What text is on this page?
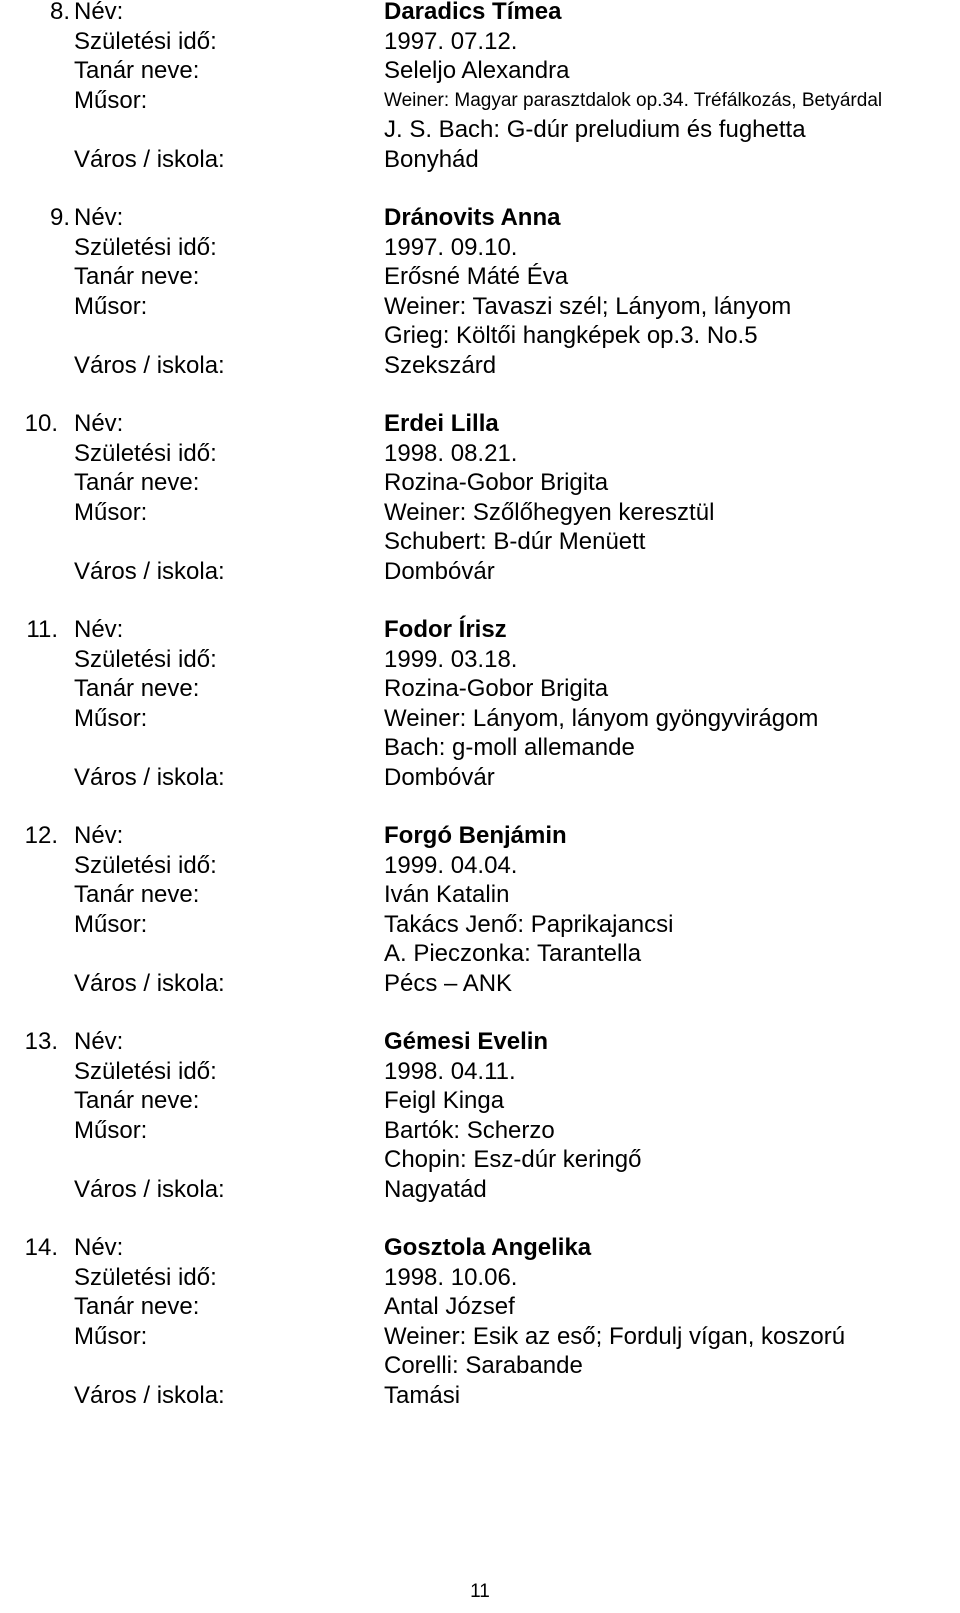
8. Név:	Daradics Tímea
Születési idő:	1997. 07.12.
Tanár neve:	Seleljo Alexandra
Műsor:	Weiner: Magyar parasztdalok op.34. Tréfálkozás, Betyárdal
J. S. Bach: G-dúr preludium és fughetta
Város / iskola:	Bonyhád
9. Név:	Dránovits Anna
Születési idő:	1997. 09.10.
Tanár neve:	Erősné Máté Éva
Műsor:	Weiner: Tavaszi szél; Lányom, lányom
Grieg: Költői hangképek op.3. No.5
Város / iskola:	Szekszárd
10. Név:	Erdei Lilla
Születési idő:	1998. 08.21.
Tanár neve:	Rozina-Gobor Brigita
Műsor:	Weiner: Szőlőhegyen keresztül
Schubert: B-dúr Menüett
Város / iskola:	Dombóvár
11. Név:	Fodor Írisz
Születési idő:	1999. 03.18.
Tanár neve:	Rozina-Gobor Brigita
Műsor:	Weiner: Lányom, lányom gyöngyvirágom
Bach: g-moll allemande
Város / iskola:	Dombóvár
12. Név:	Forgó Benjámin
Születési idő:	1999. 04.04.
Tanár neve:	Iván Katalin
Műsor:	Takács Jenő: Paprikajancsi
A. Pieczonka: Tarantella
Város / iskola:	Pécs – ANK
13. Név:	Gémesi Evelin
Születési idő:	1998. 04.11.
Tanár neve:	Feigl Kinga
Műsor:	Bartók: Scherzo
Chopin: Esz-dúr keringő
Város / iskola:	Nagyatád
14. Név:	Gosztola Angelika
Születési idő:	1998. 10.06.
Tanár neve:	Antal József
Műsor:	Weiner: Esik az eső; Fordulj vígan, koszorú
Corelli: Sarabande
Város / iskola:	Tamási
11
